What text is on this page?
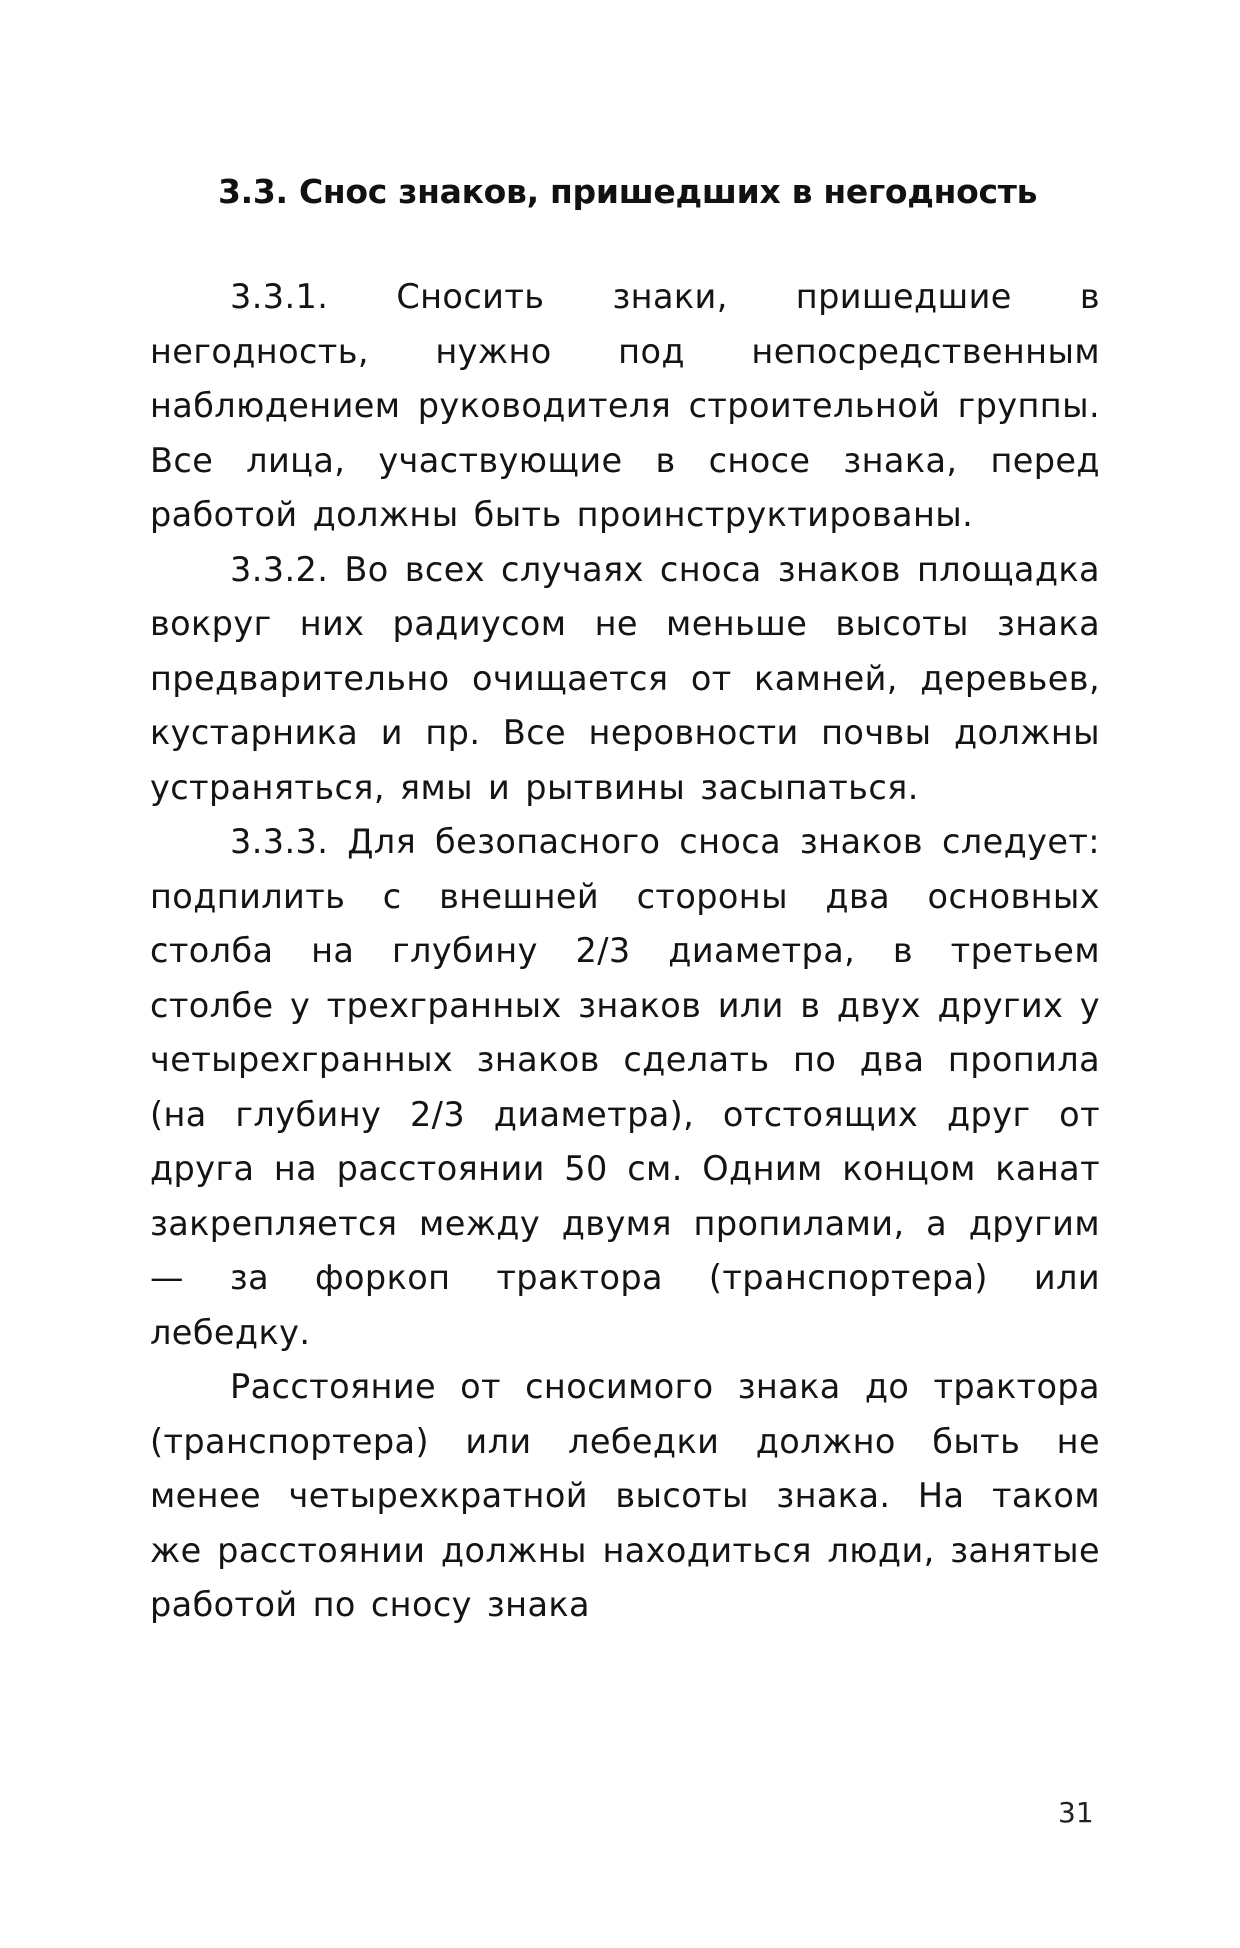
3.3. Снос знаков, пришедших в негодность

3.3.1. Сносить знаки, пришедшие в негодность, нужно под непосредственным наблюдением руководителя строительной группы. Все лица, участвующие в сносе знака, перед работой должны быть проинструктированы.

3.3.2. Во всех случаях сноса знаков площадка вокруг них радиусом не меньше высоты знака предварительно очищается от камней, деревьев, кустарника и пр. Все неровности почвы должны устраняться, ямы и рытвины засыпаться.

3.3.3. Для безопасного сноса знаков следует: подпилить с внешней стороны два основных столба на глубину 2/3 диаметра, в третьем столбе у трехгранных знаков или в двух других у четырехгранных знаков сделать по два пропила (на глубину 2/3 диаметра), отстоящих друг от друга на расстоянии 50 см. Одним концом канат закрепляется между двумя пропилами, а другим — за форкоп трактора (транспортера) или лебедку.

Расстояние от сносимого знака до трактора (транспортера) или лебедки должно быть не менее четырехкратной высоты знака. На таком же расстоянии должны находиться люди, занятые работой по сносу знака

31
